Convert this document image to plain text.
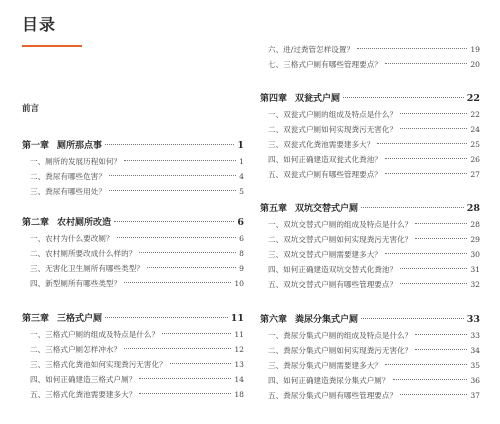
目录
前言
第一章 厕所那点事	1
一、厕所的发展历程如何？	1
二、粪尿有哪些危害？	4
三、粪尿有哪些用处？	5
第二章 农村厕所改造	6
一、农村为什么要改厕？	6
二、农村厕所要改成什么样的？	8
三、无害化卫生厕所有哪些类型？	9
四、新型厕所有哪些类型？	10
第三章 三格式户厕	11
一、三格式户厕的组成及特点是什么？	11
二、三格式户厕怎样冲水？	12
三、三格式化粪池如何实现粪污无害化？	13
四、如何正确建造三格式户厕？	14
五、三格式化粪池需要建多大？	18
六、进/过粪管怎样设置？	19
七、三格式户厕有哪些管理要点？	20
第四章 双瓮式户厕	22
一、双瓮式户厕的组成及特点是什么？	22
二、双瓮式户厕如何实现粪污无害化？	24
三、双瓮式化粪池需要建多大？	25
四、如何正确建造双瓮式化粪池？	26
五、双瓮式户厕有哪些管理要点？	27
第五章 双坑交替式户厕	28
一、双坑交替式户厕的组成及特点是什么？	28
二、双坑交替式户厕如何实现粪污无害化？	29
三、双坑交替式户厕需要建多大？	30
四、如何正确建造双坑交替式化粪池？	31
五、双坑交替式户厕有哪些管理要点？	32
第六章 粪尿分集式户厕	33
一、粪尿分集式户厕的组成及特点是什么？	33
二、粪尿分集式户厕如何实现粪污无害化？	34
三、粪尿分集式户厕需要建多大？	35
四、如何正确建造粪尿分集式户厕？	36
五、粪尿分集式户厕有哪些管理要点？	37
